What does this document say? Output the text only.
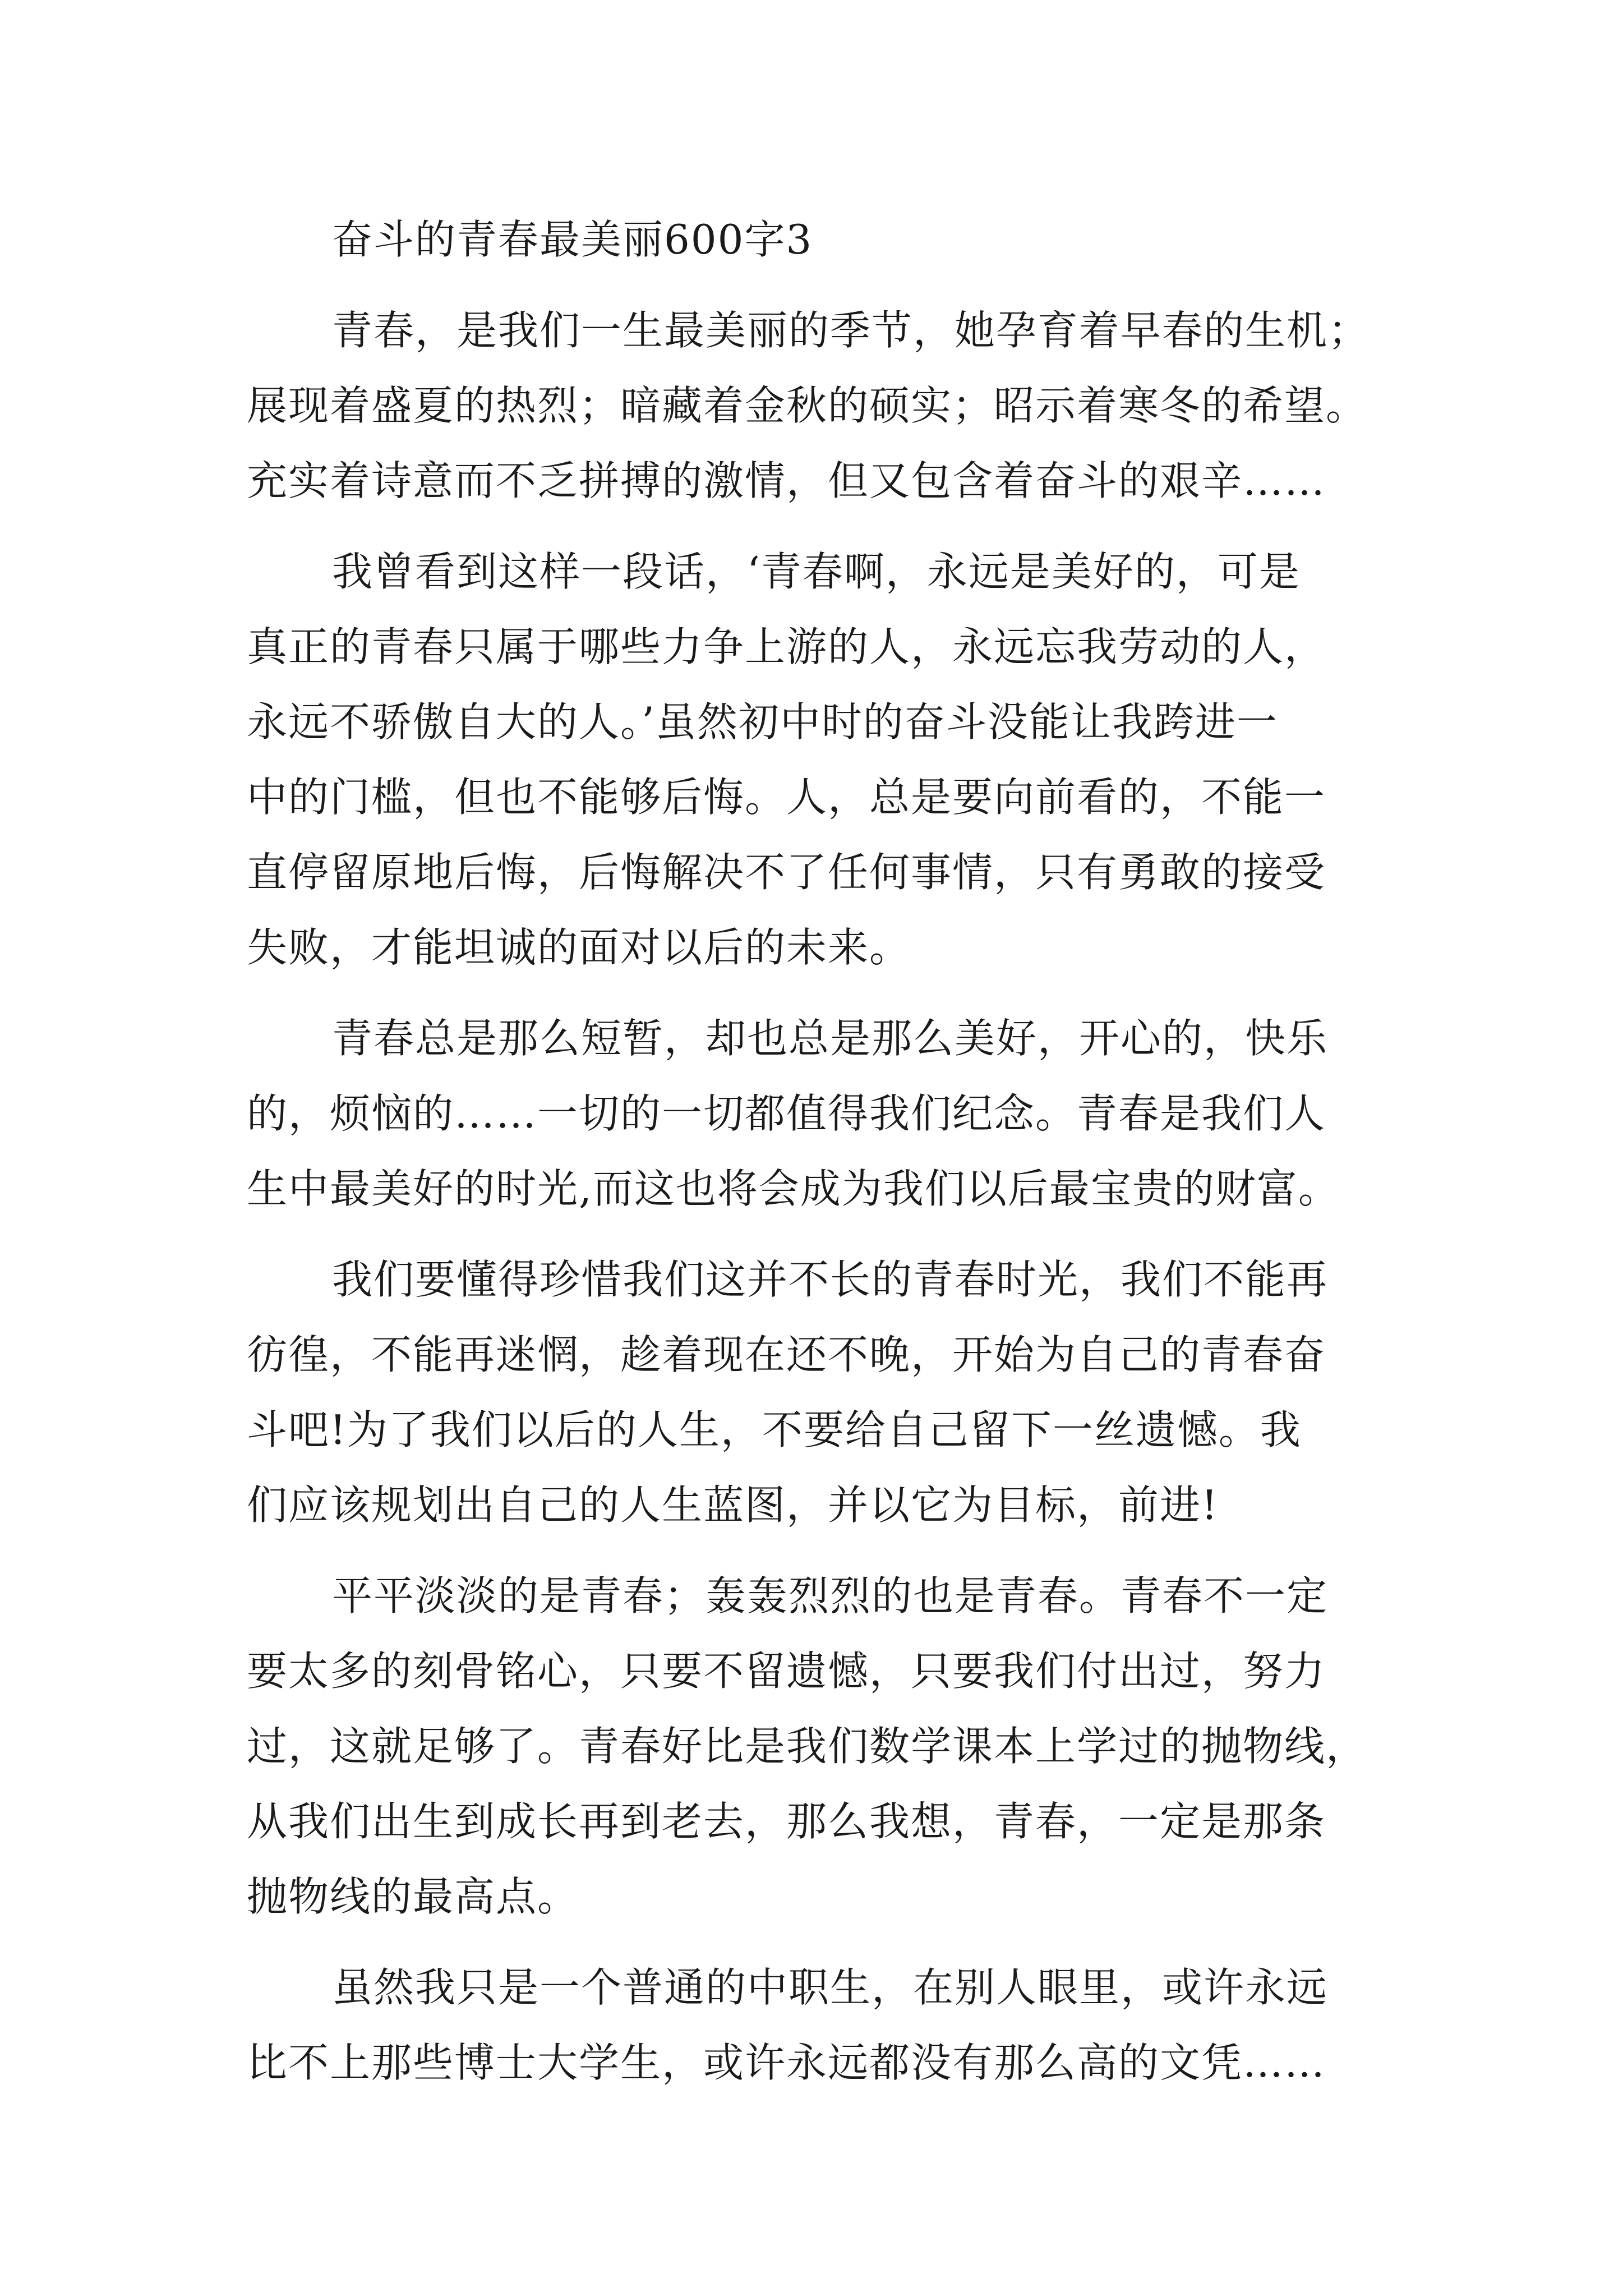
奋斗的青春最美丽600字3
青春，是我们一生最美丽的季节，她孕育着早春的生机；
展现着盛夏的热烈；暗藏着金秋的硕实；昭示着寒冬的希望。
充实着诗意而不乏拼搏的激情，但又包含着奋斗的艰辛……
我曾看到这样一段话，‘青春啊，永远是美好的，可是
真正的青春只属于哪些力争上游的人，永远忘我劳动的人，
永远不骄傲自大的人。’虽然初中时的奋斗没能让我跨进一
中的门槛，但也不能够后悔。人，总是要向前看的，不能一
直停留原地后悔，后悔解决不了任何事情，只有勇敢的接受
失败，才能坦诚的面对以后的未来。
青春总是那么短暂，却也总是那么美好，开心的，快乐
的，烦恼的……一切的一切都值得我们纪念。青春是我们人
生中最美好的时光,而这也将会成为我们以后最宝贵的财富。
我们要懂得珍惜我们这并不长的青春时光，我们不能再
彷徨，不能再迷惘，趁着现在还不晚，开始为自己的青春奋
斗吧!为了我们以后的人生，不要给自己留下一丝遗憾。我
们应该规划出自己的人生蓝图，并以它为目标，前进!
平平淡淡的是青春；轰轰烈烈的也是青春。青春不一定
要太多的刻骨铭心，只要不留遗憾，只要我们付出过，努力
过，这就足够了。青春好比是我们数学课本上学过的抛物线，
从我们出生到成长再到老去，那么我想，青春，一定是那条
抛物线的最高点。
虽然我只是一个普通的中职生，在别人眼里，或许永远
比不上那些博士大学生，或许永远都没有那么高的文凭……
